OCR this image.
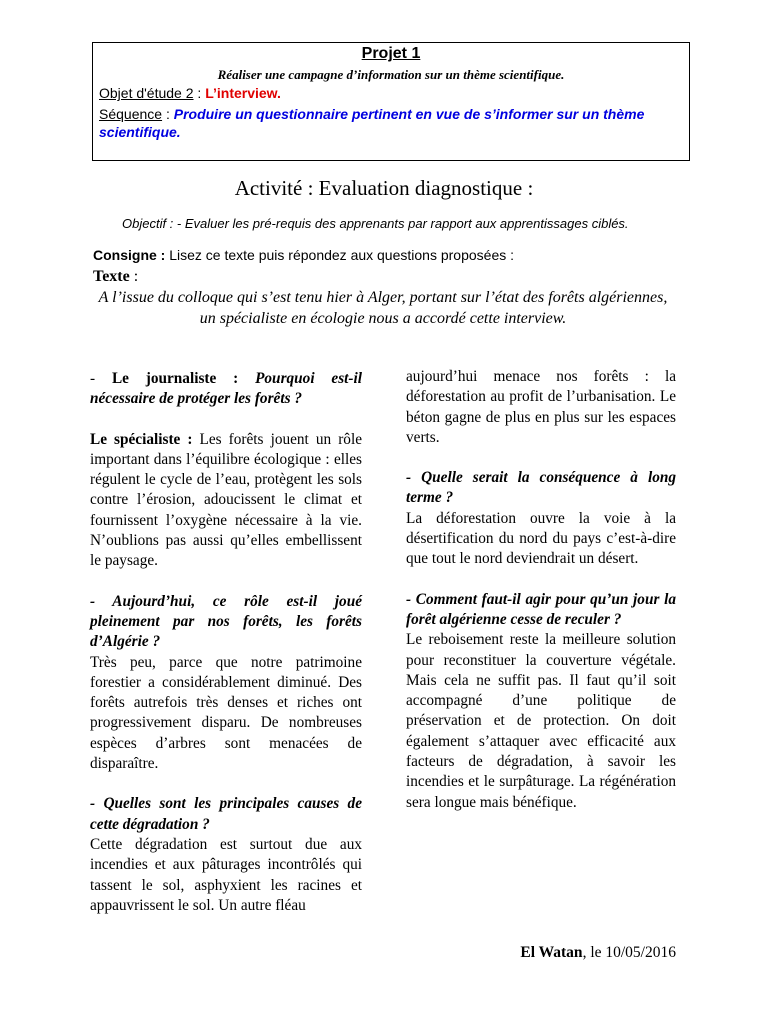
Projet 1
Réaliser une campagne d’information sur un thème scientifique.
Objet d'étude 2 : L’interview.
Séquence : Produire un questionnaire pertinent en vue de s’informer sur un thème scientifique.
Activité : Evaluation diagnostique :
Objectif : - Evaluer les pré-requis des apprenants par rapport aux apprentissages ciblés.
Consigne : Lisez ce texte puis répondez aux questions proposées :
Texte :
A l’issue du colloque qui s’est tenu hier à Alger, portant sur l’état des forêts algériennes, un spécialiste en écologie nous a accordé cette interview.

- Le journaliste : Pourquoi est-il nécessaire de protéger les forêts ?

Le spécialiste : Les forêts jouent un rôle important dans l’équilibre écologique : elles régulent le cycle de l’eau, protègent les sols contre l’érosion, adoucissent le climat et fournissent l’oxygène nécessaire à la vie. N’oublions pas aussi qu’elles embellissent le paysage.

- Aujourd’hui, ce rôle est-il joué pleinement par nos forêts, les forêts d’Algérie ?

Très peu, parce que notre patrimoine forestier a considérablement diminué. Des forêts autrefois très denses et riches ont progressivement disparu. De nombreuses espèces d’arbres sont menacées de disparaître.

- Quelles sont les principales causes de cette dégradation ?

Cette dégradation est surtout due aux incendies et aux pâturages incontrôlés qui tassent le sol, asphyxient les racines et appauvrissent le sol. Un autre fléau

aujourd’hui menace nos forêts : la déforestation au profit de l’urbanisation. Le béton gagne de plus en plus sur les espaces verts.

- Quelle serait la conséquence à long terme ?

La déforestation ouvre la voie à la désertification du nord du pays c’est-à-dire que tout le nord deviendrait un désert.

- Comment faut-il agir pour qu’un jour la forêt algérienne cesse de reculer ?

Le reboisement reste la meilleure solution pour reconstituer la couverture végétale. Mais cela ne suffit pas. Il faut qu’il soit accompagné d’une politique de préservation et de protection. On doit également s’attaquer avec efficacité aux facteurs de dégradation, à savoir les incendies et le surpâturage. La régénération sera longue mais bénéfique.

El Watan, le 10/05/2016
